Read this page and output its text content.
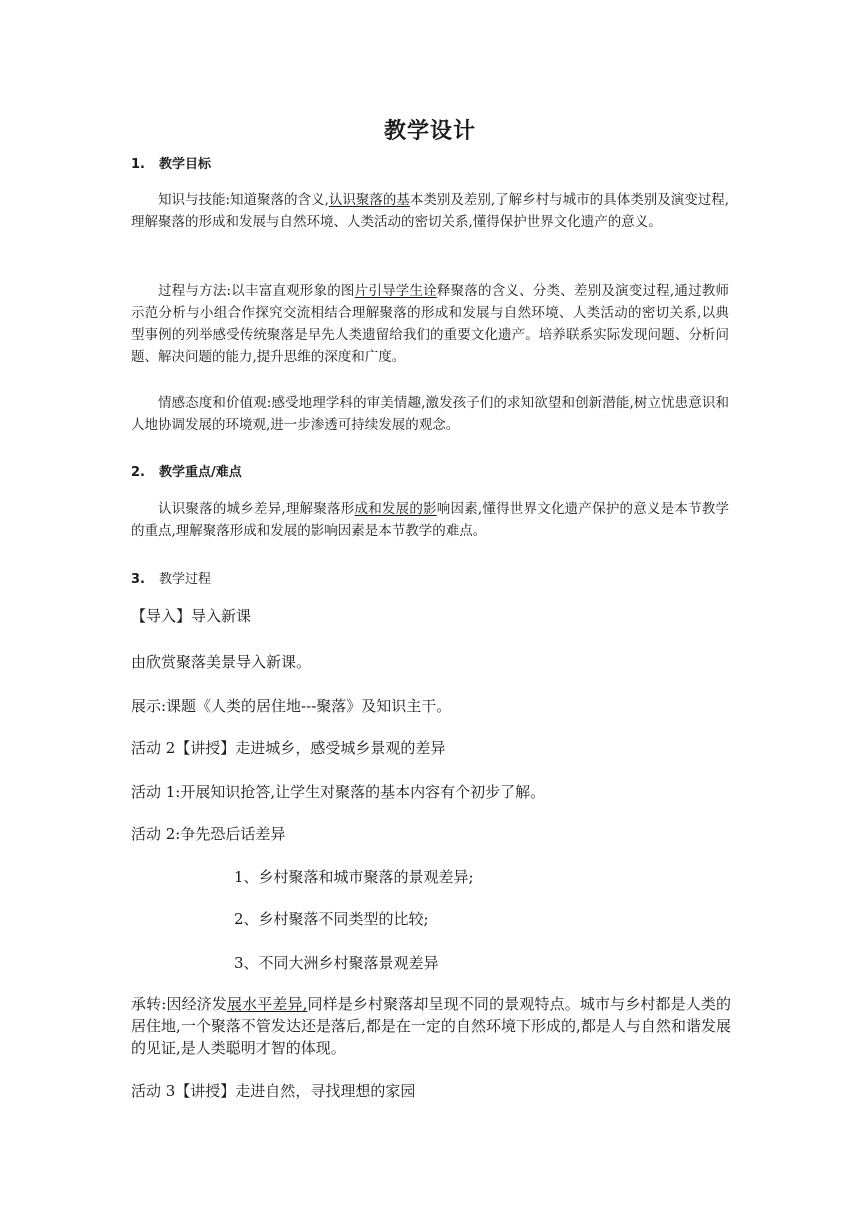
教学设计
1. 教学目标
知识与技能:知道聚落的含义,认识聚落的基本类别及差别,了解乡村与城市的具体类别及演变过程,理解聚落的形成和发展与自然环境、人类活动的密切关系,懂得保护世界文化遗产的意义。
过程与方法:以丰富直观形象的图片引导学生诠释聚落的含义、分类、差别及演变过程,通过教师示范分析与小组合作探究交流相结合理解聚落的形成和发展与自然环境、人类活动的密切关系,以典型事例的列举感受传统聚落是早先人类遗留给我们的重要文化遗产。培养联系实际发现问题、分析问题、解决问题的能力,提升思维的深度和广度。
情感态度和价值观:感受地理学科的审美情趣,激发孩子们的求知欲望和创新潜能,树立忧患意识和人地协调发展的环境观,进一步渗透可持续发展的观念。
2. 教学重点/难点
认识聚落的城乡差异,理解聚落形成和发展的影响因素,懂得世界文化遗产保护的意义是本节教学的重点,理解聚落形成和发展的影响因素是本节教学的难点。
3. 教学过程
【导入】导入新课
由欣赏聚落美景导入新课。
展示:课题《人类的居住地---聚落》及知识主干。
活动 2【讲授】走进城乡，感受城乡景观的差异
活动 1:开展知识抢答,让学生对聚落的基本内容有个初步了解。
活动 2:争先恐后话差异
1、乡村聚落和城市聚落的景观差异;
2、乡村聚落不同类型的比较;
3、不同大洲乡村聚落景观差异
承转:因经济发展水平差异,同样是乡村聚落却呈现不同的景观特点。城市与乡村都是人类的居住地,一个聚落不管发达还是落后,都是在一定的自然环境下形成的,都是人与自然和谐发展的见证,是人类聪明才智的体现。
活动 3【讲授】走进自然，寻找理想的家园
